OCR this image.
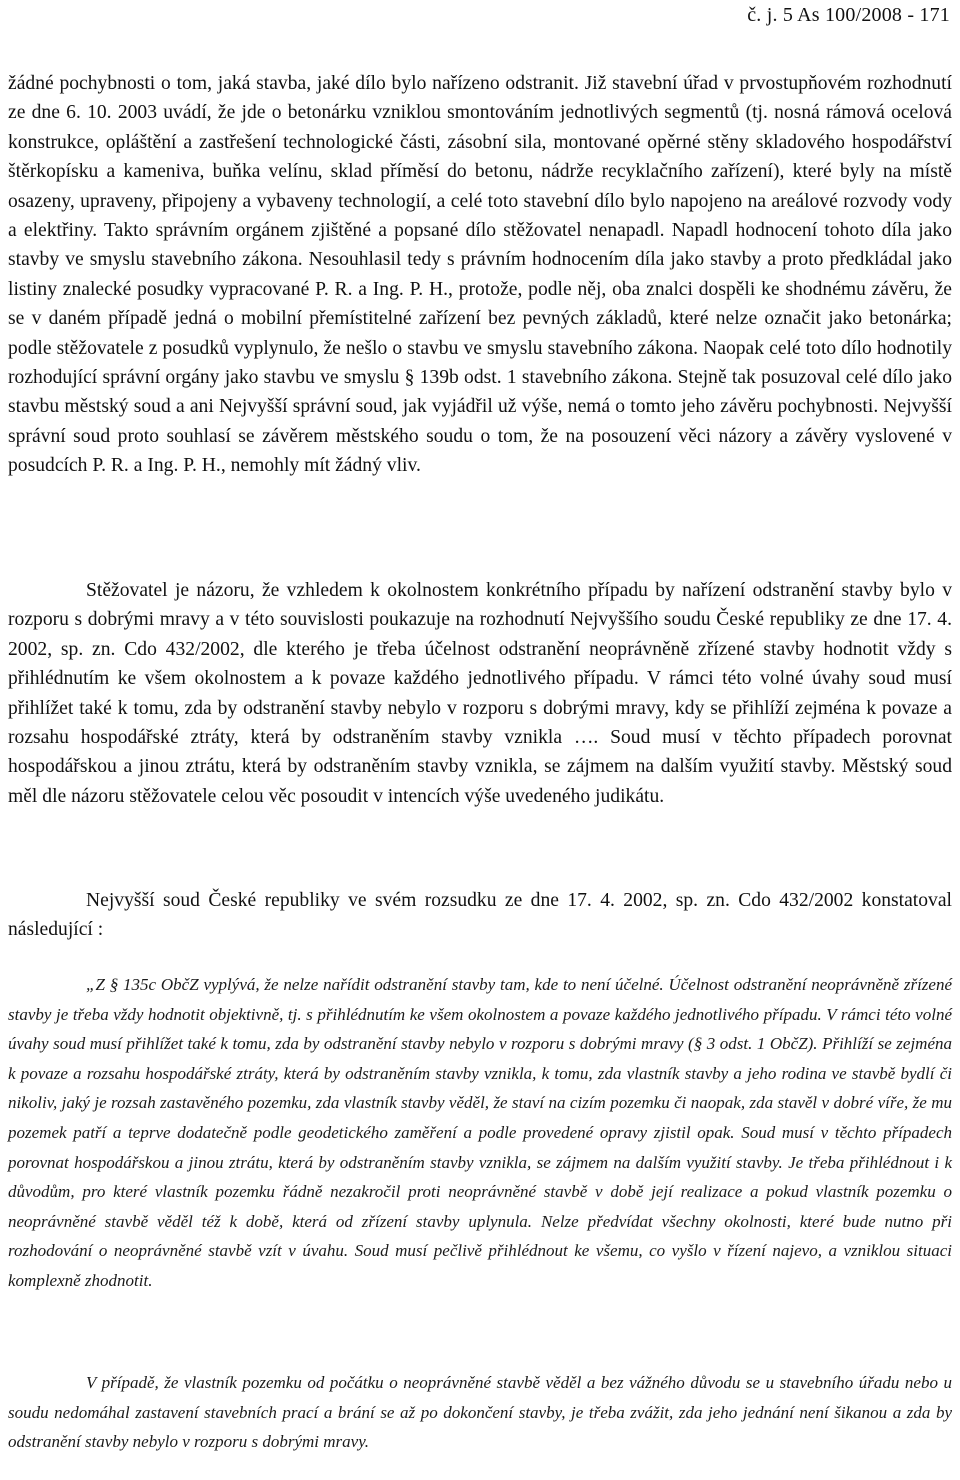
č. j. 5 As 100/2008 - 171

žádné pochybnosti o tom, jaká stavba, jaké dílo bylo nařízeno odstranit. Již stavební úřad v prvostupňovém rozhodnutí ze dne 6. 10. 2003 uvádí, že jde o betonárku vzniklou smontováním jednotlivých segmentů (tj. nosná rámová ocelová konstrukce, opláštění a zastřešení technologické části, zásobní sila, montované opěrné stěny skladového hospodářství štěrkopísku a kameniva, buňka velínu, sklad příměsí do betonu, nádrže recyklačního zařízení), které byly na místě osazeny, upraveny, připojeny a vybaveny technologií, a celé toto stavební dílo bylo napojeno na areálové rozvody vody a elektřiny. Takto správním orgánem zjištěné a popsané dílo stěžovatel nenapadl. Napadl hodnocení tohoto díla jako stavby ve smyslu stavebního zákona. Nesouhlasil tedy s právním hodnocením díla jako stavby a proto předkládal jako listiny znalecké posudky vypracované P. R. a Ing. P. H., protože, podle něj, oba znalci dospěli ke shodnému závěru, že se v daném případě jedná o mobilní přemístitelné zařízení bez pevných základů, které nelze označit jako betonárka; podle stěžovatele z posudků vyplynulo, že nešlo o stavbu ve smyslu stavebního zákona. Naopak celé toto dílo hodnotily rozhodující správní orgány jako stavbu ve smyslu § 139b odst. 1 stavebního zákona. Stejně tak posuzoval celé dílo jako stavbu městský soud a ani Nejvyšší správní soud, jak vyjádřil už výše, nemá o tomto jeho závěru pochybnosti. Nejvyšší správní soud proto souhlasí se závěrem městského soudu o tom, že na posouzení věci názory a závěry vyslovené v posudcích P. R. a Ing. P. H., nemohly mít žádný vliv.

Stěžovatel je názoru, že vzhledem k okolnostem konkrétního případu by nařízení odstranění stavby bylo v rozporu s dobrými mravy a v této souvislosti poukazuje na rozhodnutí Nejvyššího soudu České republiky ze dne 17. 4. 2002, sp. zn. Cdo 432/2002, dle kterého je třeba účelnost odstranění neoprávněně zřízené stavby hodnotit vždy s přihlédnutím ke všem okolnostem a k povaze každého jednotlivého případu. V rámci této volné úvahy soud musí přihlížet také k tomu, zda by odstranění stavby nebylo v rozporu s dobrými mravy, kdy se přihlíží zejména k povaze a rozsahu hospodářské ztráty, která by odstraněním stavby vznikla …. Soud musí v těchto případech porovnat hospodářskou a jinou ztrátu, která by odstraněním stavby vznikla, se zájmem na dalším využití stavby. Městský soud měl dle názoru stěžovatele celou věc posoudit v intencích výše uvedeného judikátu.

Nejvyšší soud České republiky ve svém rozsudku ze dne 17. 4. 2002, sp. zn. Cdo 432/2002 konstatoval následující :

„Z § 135c ObčZ vyplývá, že nelze nařídit odstranění stavby tam, kde to není účelné. Účelnost odstranění neoprávněně zřízené stavby je třeba vždy hodnotit objektivně, tj. s přihlédnutím ke všem okolnostem a povaze každého jednotlivého případu. V rámci této volné úvahy soud musí přihlížet také k tomu, zda by odstranění stavby nebylo v rozporu s dobrými mravy (§ 3 odst. 1 ObčZ). Přihlíží se zejména k povaze a rozsahu hospodářské ztráty, která by odstraněním stavby vznikla, k tomu, zda vlastník stavby a jeho rodina ve stavbě bydlí či nikoliv, jaký je rozsah zastavěného pozemku, zda vlastník stavby věděl, že staví na cizím pozemku či naopak, zda stavěl v dobré víře, že mu pozemek patří a teprve dodatečně podle geodetického zaměření a podle provedené opravy zjistil opak. Soud musí v těchto případech porovnat hospodářskou a jinou ztrátu, která by odstraněním stavby vznikla, se zájmem na dalším využití stavby. Je třeba přihlédnout i k důvodům, pro které vlastník pozemku řádně nezakročil proti neoprávněné stavbě v době její realizace a pokud vlastník pozemku o neoprávněné stavbě věděl též k době, která od zřízení stavby uplynula. Nelze předvídat všechny okolnosti, které bude nutno při rozhodování o neoprávněné stavbě vzít v úvahu. Soud musí pečlivě přihlédnout ke všemu, co vyšlo v řízení najevo, a vzniklou situaci komplexně zhodnotit.

V případě, že vlastník pozemku od počátku o neoprávněné stavbě věděl a bez vážného důvodu se u stavebního úřadu nebo u soudu nedomáhal zastavení stavebních prací a brání se až po dokončení stavby, je třeba zvážit, zda jeho jednání není šikanou a zda by odstranění stavby nebylo v rozporu s dobrými mravy.
